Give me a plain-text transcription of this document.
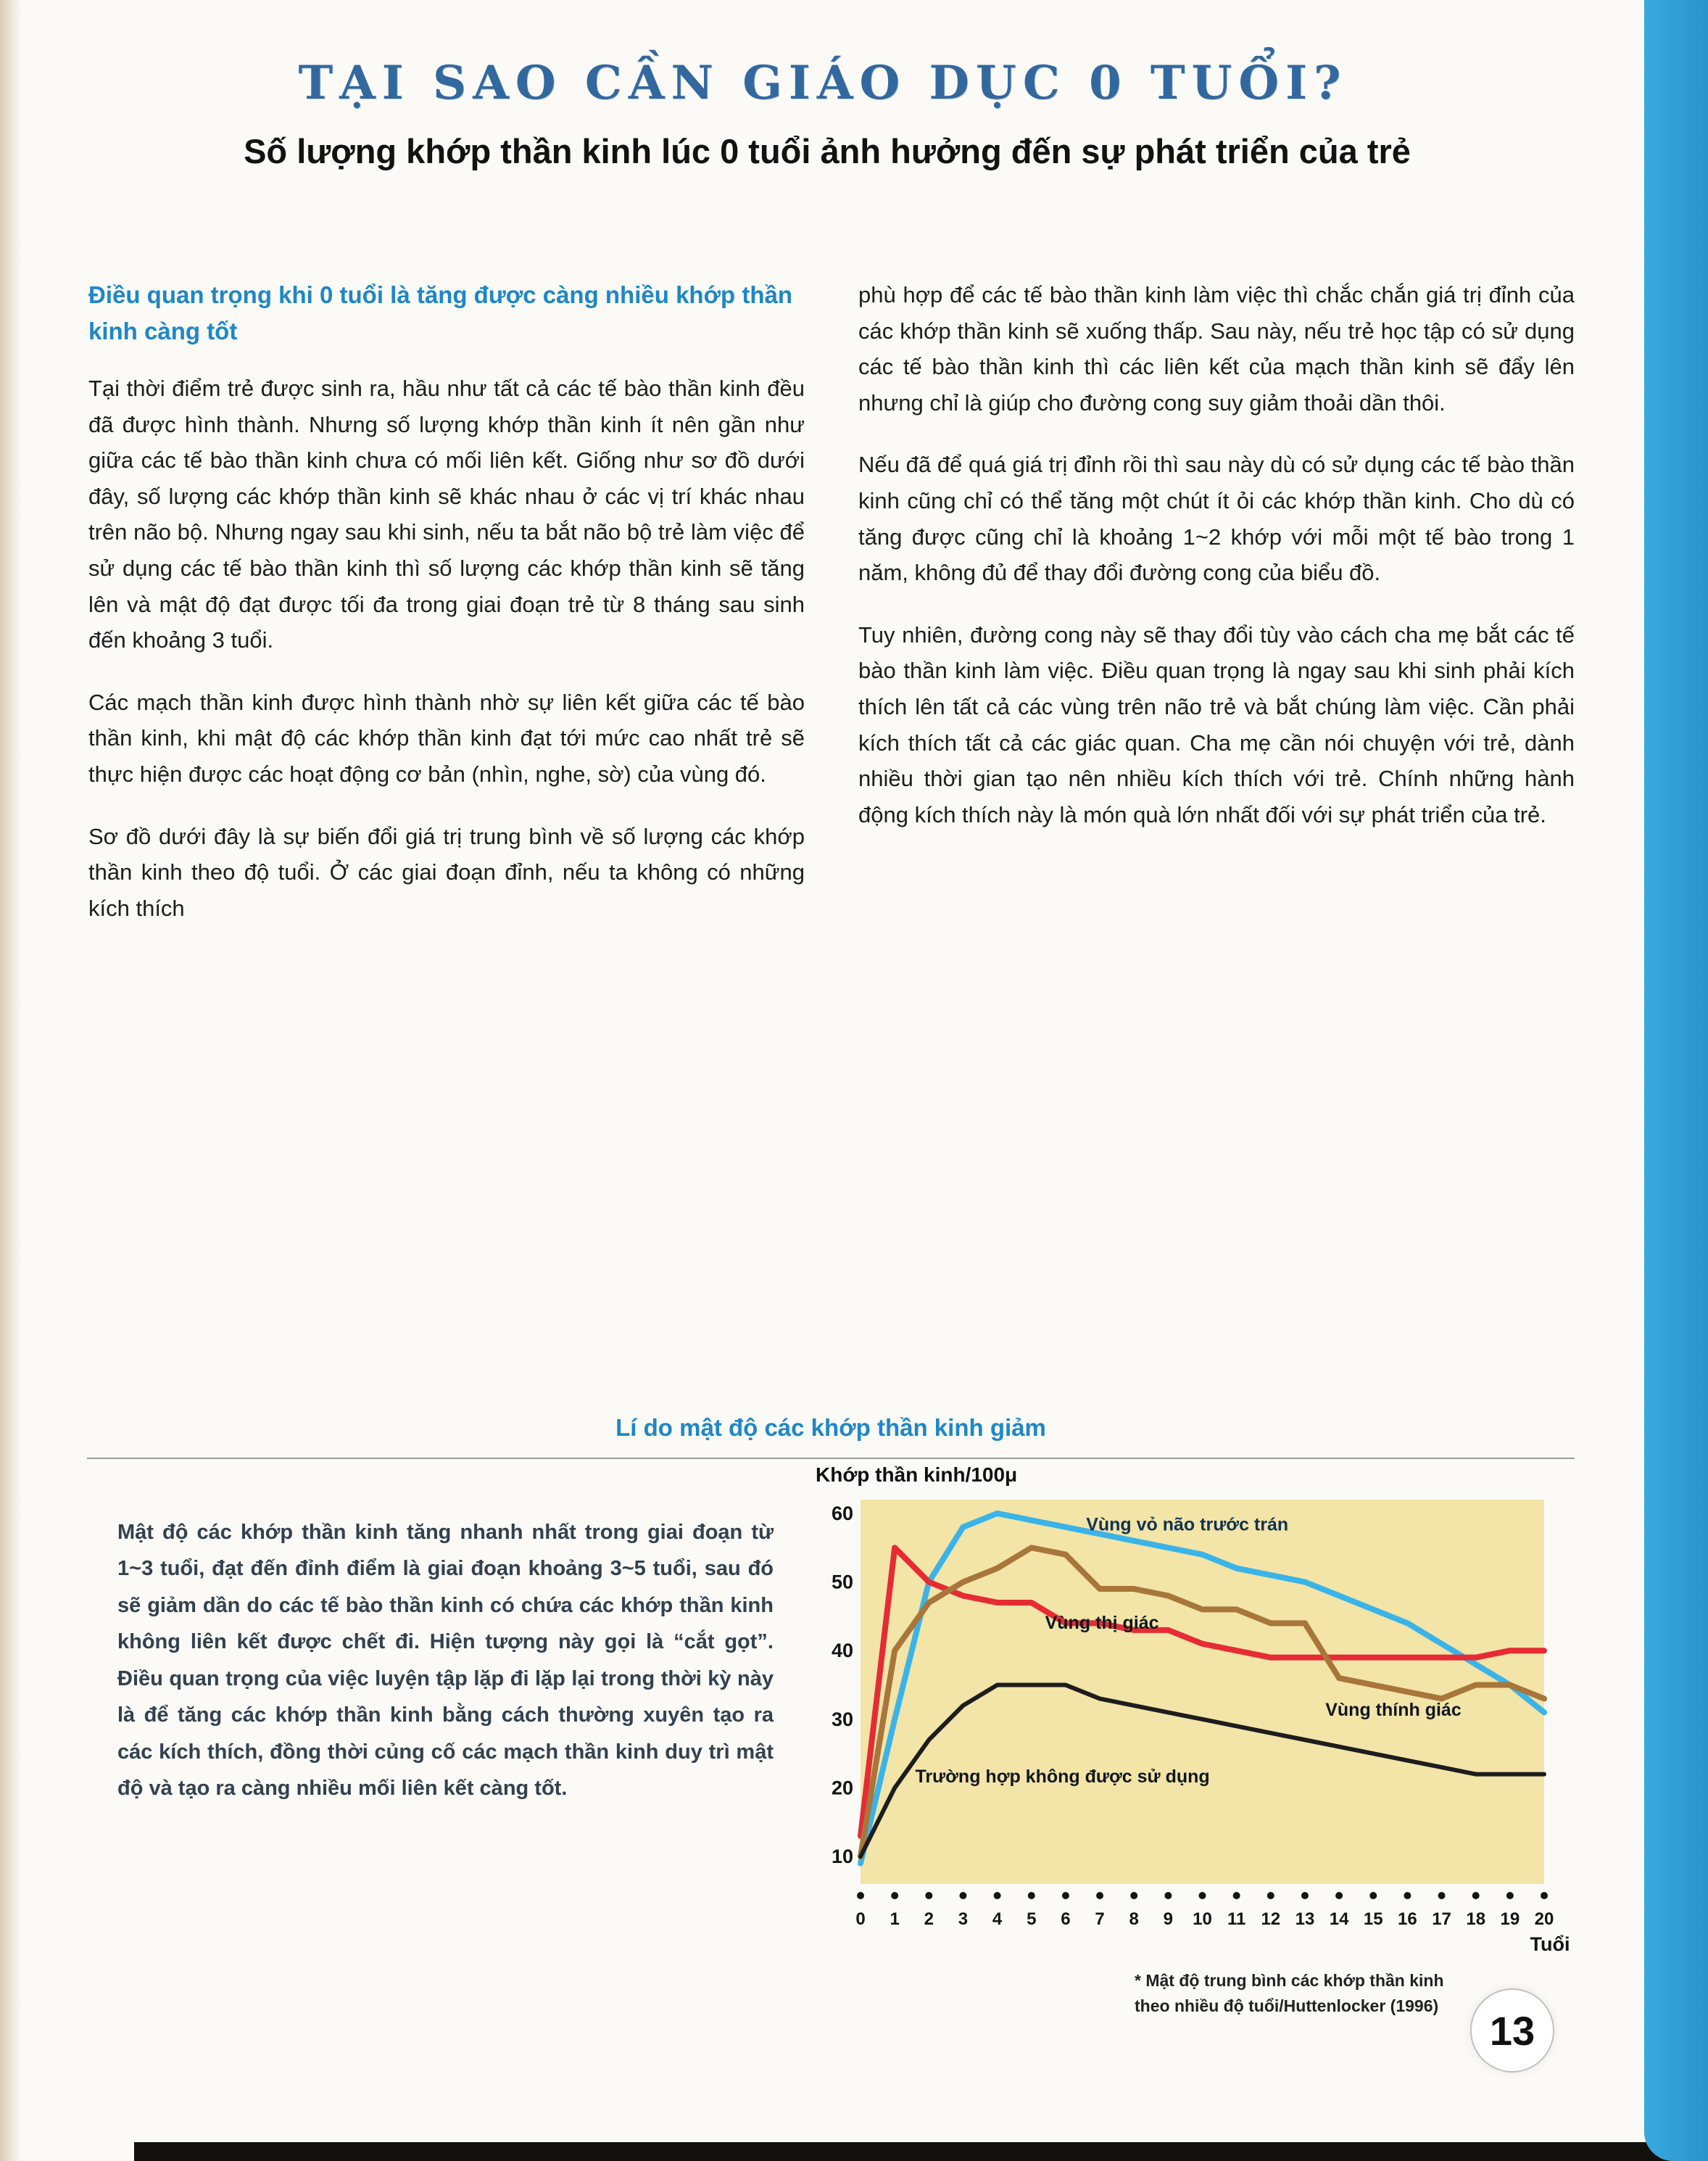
TẠI SAO CẦN GIÁO DỤC 0 TUỔI?
Số lượng khớp thần kinh lúc 0 tuổi ảnh hưởng đến sự phát triển của trẻ
Điều quan trọng khi 0 tuổi là tăng được càng nhiều khớp thần kinh càng tốt

Tại thời điểm trẻ được sinh ra, hầu như tất cả các tế bào thần kinh đều đã được hình thành. Nhưng số lượng khớp thần kinh ít nên gần như giữa các tế bào thần kinh chưa có mối liên kết. Giống như sơ đồ dưới đây, số lượng các khớp thần kinh sẽ khác nhau ở các vị trí khác nhau trên não bộ. Nhưng ngay sau khi sinh, nếu ta bắt não bộ trẻ làm việc để sử dụng các tế bào thần kinh thì số lượng các khớp thần kinh sẽ tăng lên và mật độ đạt được tối đa trong giai đoạn trẻ từ 8 tháng sau sinh đến khoảng 3 tuổi.

Các mạch thần kinh được hình thành nhờ sự liên kết giữa các tế bào thần kinh, khi mật độ các khớp thần kinh đạt tới mức cao nhất trẻ sẽ thực hiện được các hoạt động cơ bản (nhìn, nghe, sờ) của vùng đó.

Sơ đồ dưới đây là sự biến đổi giá trị trung bình về số lượng các khớp thần kinh theo độ tuổi. Ở các giai đoạn đỉnh, nếu ta không có những kích thích

phù hợp để các tế bào thần kinh làm việc thì chắc chắn giá trị đỉnh của các khớp thần kinh sẽ xuống thấp. Sau này, nếu trẻ học tập có sử dụng các tế bào thần kinh thì các liên kết của mạch thần kinh sẽ đẩy lên nhưng chỉ là giúp cho đường cong suy giảm thoải dần thôi.

Nếu đã để quá giá trị đỉnh rồi thì sau này dù có sử dụng các tế bào thần kinh cũng chỉ có thể tăng một chút ít ỏi các khớp thần kinh. Cho dù có tăng được cũng chỉ là khoảng 1~2 khớp với mỗi một tế bào trong 1 năm, không đủ để thay đổi đường cong của biểu đồ.

Tuy nhiên, đường cong này sẽ thay đổi tùy vào cách cha mẹ bắt các tế bào thần kinh làm việc. Điều quan trọng là ngay sau khi sinh phải kích thích lên tất cả các vùng trên não trẻ và bắt chúng làm việc. Cần phải kích thích tất cả các giác quan. Cha mẹ cần nói chuyện với trẻ, dành nhiều thời gian tạo nên nhiều kích thích với trẻ. Chính những hành động kích thích này là món quà lớn nhất đối với sự phát triển của trẻ.

Lí do mật độ các khớp thần kinh giảm
Mật độ các khớp thần kinh tăng nhanh nhất trong giai đoạn từ 1~3 tuổi, đạt đến đỉnh điểm là giai đoạn khoảng 3~5 tuổi, sau đó sẽ giảm dần do các tế bào thần kinh có chứa các khớp thần kinh không liên kết được chết đi. Hiện tượng này gọi là “cắt gọt”. Điều quan trọng của việc luyện tập lặp đi lặp lại trong thời kỳ này là để tăng các khớp thần kinh bằng cách thường xuyên tạo ra các kích thích, đồng thời củng cố các mạch thần kinh duy trì mật độ và tạo ra càng nhiều mối liên kết càng tốt.
Khớp thần kinh/100μ
60
50
40
30
20
10
0 1 2 3 4 5 6 7 8 9 10 11 12 13 14 15 16 17 18 19 20
Tuổi
Vùng vỏ não trước trán
Vùng thị giác
Vùng thính giác
Trường hợp không được sử dụng
* Mật độ trung bình các khớp thần kinh
theo nhiều độ tuổi/Huttenlocker (1996)
13
